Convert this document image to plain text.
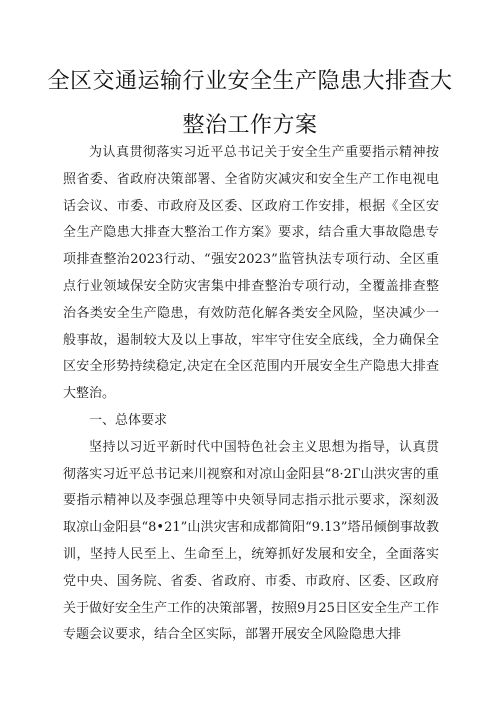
全区交通运输行业安全生产隐患大排查大
整治工作方案

为认真贯彻落实习近平总书记关于安全生产重要指示精神按照省委、省政府决策部署、全省防灾减灾和安全生产工作电视电话会议、市委、市政府及区委、区政府工作安排，根据《全区安全生产隐患大排查大整治工作方案》要求，结合重大事故隐患专项排查整治2023行动、“强安2023”监管执法专项行动、全区重点行业领域保安全防灾害集中排查整治专项行动，全覆盖排查整治各类安全生产隐患，有效防范化解各类安全风险，坚决减少一般事故，遏制较大及以上事故，牢牢守住安全底线，全力确保全区安全形势持续稳定,决定在全区范围内开展安全生产隐患大排查大整治。

一、总体要求

坚持以习近平新时代中国特色社会主义思想为指导，认真贯彻落实习近平总书记来川视察和对凉山金阳县“8·2Г山洪灾害的重要指示精神以及李强总理等中央领导同志指示批示要求，深刻汲取凉山金阳县“8•21”山洪灾害和成都简阳“9.13”塔吊倾倒事故教训，坚持人民至上、生命至上，统筹抓好发展和安全，全面落实党中央、国务院、省委、省政府、市委、市政府、区委、区政府关于做好安全生产工作的决策部署，按照9月25日区安全生产工作专题会议要求，结合全区实际，部署开展安全风险隐患大排
